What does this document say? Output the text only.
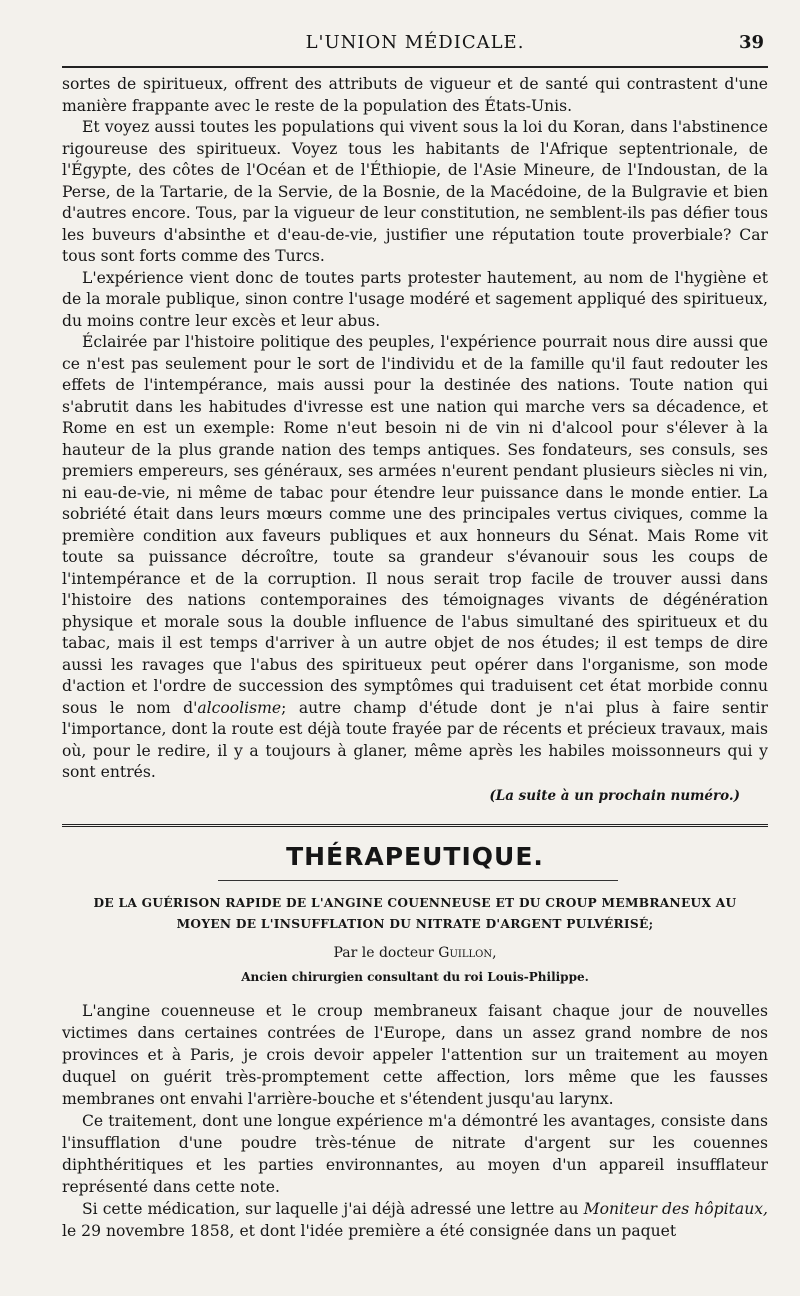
L'UNION MÉDICALE.	39

sortes de spiritueux, offrent des attributs de vigueur et de santé qui contrastent d'une manière frappante avec le reste de la population des États-Unis.

Et voyez aussi toutes les populations qui vivent sous la loi du Koran, dans l'abstinence rigoureuse des spiritueux. Voyez tous les habitants de l'Afrique septentrionale, de l'Égypte, des côtes de l'Océan et de l'Éthiopie, de l'Asie Mineure, de l'Indoustan, de la Perse, de la Tartarie, de la Servie, de la Bosnie, de la Macédoine, de la Bulgravie et bien d'autres encore. Tous, par la vigueur de leur constitution, ne semblent-ils pas défier tous les buveurs d'absinthe et d'eau-de-vie, justifier une réputation toute proverbiale? Car tous sont forts comme des Turcs.

L'expérience vient donc de toutes parts protester hautement, au nom de l'hygiène et de la morale publique, sinon contre l'usage modéré et sagement appliqué des spiritueux, du moins contre leur excès et leur abus.

Éclairée par l'histoire politique des peuples, l'expérience pourrait nous dire aussi que ce n'est pas seulement pour le sort de l'individu et de la famille qu'il faut redouter les effets de l'intempérance, mais aussi pour la destinée des nations. Toute nation qui s'abrutit dans les habitudes d'ivresse est une nation qui marche vers sa décadence, et Rome en est un exemple: Rome n'eut besoin ni de vin ni d'alcool pour s'élever à la hauteur de la plus grande nation des temps antiques. Ses fondateurs, ses consuls, ses premiers empereurs, ses généraux, ses armées n'eurent pendant plusieurs siècles ni vin, ni eau-de-vie, ni même de tabac pour étendre leur puissance dans le monde entier. La sobriété était dans leurs mœurs comme une des principales vertus civiques, comme la première condition aux faveurs publiques et aux honneurs du Sénat. Mais Rome vit toute sa puissance décroître, toute sa grandeur s'évanouir sous les coups de l'intempérance et de la corruption. Il nous serait trop facile de trouver aussi dans l'histoire des nations contemporaines des témoignages vivants de dégénération physique et morale sous la double influence de l'abus simultané des spiritueux et du tabac, mais il est temps d'arriver à un autre objet de nos études; il est temps de dire aussi les ravages que l'abus des spiritueux peut opérer dans l'organisme, son mode d'action et l'ordre de succession des symptômes qui traduisent cet état morbide connu sous le nom d'alcoolisme; autre champ d'étude dont je n'ai plus à faire sentir l'importance, dont la route est déjà toute frayée par de récents et précieux travaux, mais où, pour le redire, il y a toujours à glaner, même après les habiles moissonneurs qui y sont entrés.

(La suite à un prochain numéro.)
THÉRAPEUTIQUE.
DE LA GUÉRISON RAPIDE DE L'ANGINE COUENNEUSE ET DU CROUP MEMBRANEUX AU
MOYEN DE L'INSUFFLATION DU NITRATE D'ARGENT PULVÉRISÉ;
Par le docteur Guillon,
Ancien chirurgien consultant du roi Louis-Philippe.

L'angine couenneuse et le croup membraneux faisant chaque jour de nouvelles victimes dans certaines contrées de l'Europe, dans un assez grand nombre de nos provinces et à Paris, je crois devoir appeler l'attention sur un traitement au moyen duquel on guérit très-promptement cette affection, lors même que les fausses membranes ont envahi l'arrière-bouche et s'étendent jusqu'au larynx.

Ce traitement, dont une longue expérience m'a démontré les avantages, consiste dans l'insufflation d'une poudre très-ténue de nitrate d'argent sur les couennes diphthéritiques et les parties environnantes, au moyen d'un appareil insufflateur représenté dans cette note.

Si cette médication, sur laquelle j'ai déjà adressé une lettre au Moniteur des hôpitaux, le 29 novembre 1858, et dont l'idée première a été consignée dans un paquet
